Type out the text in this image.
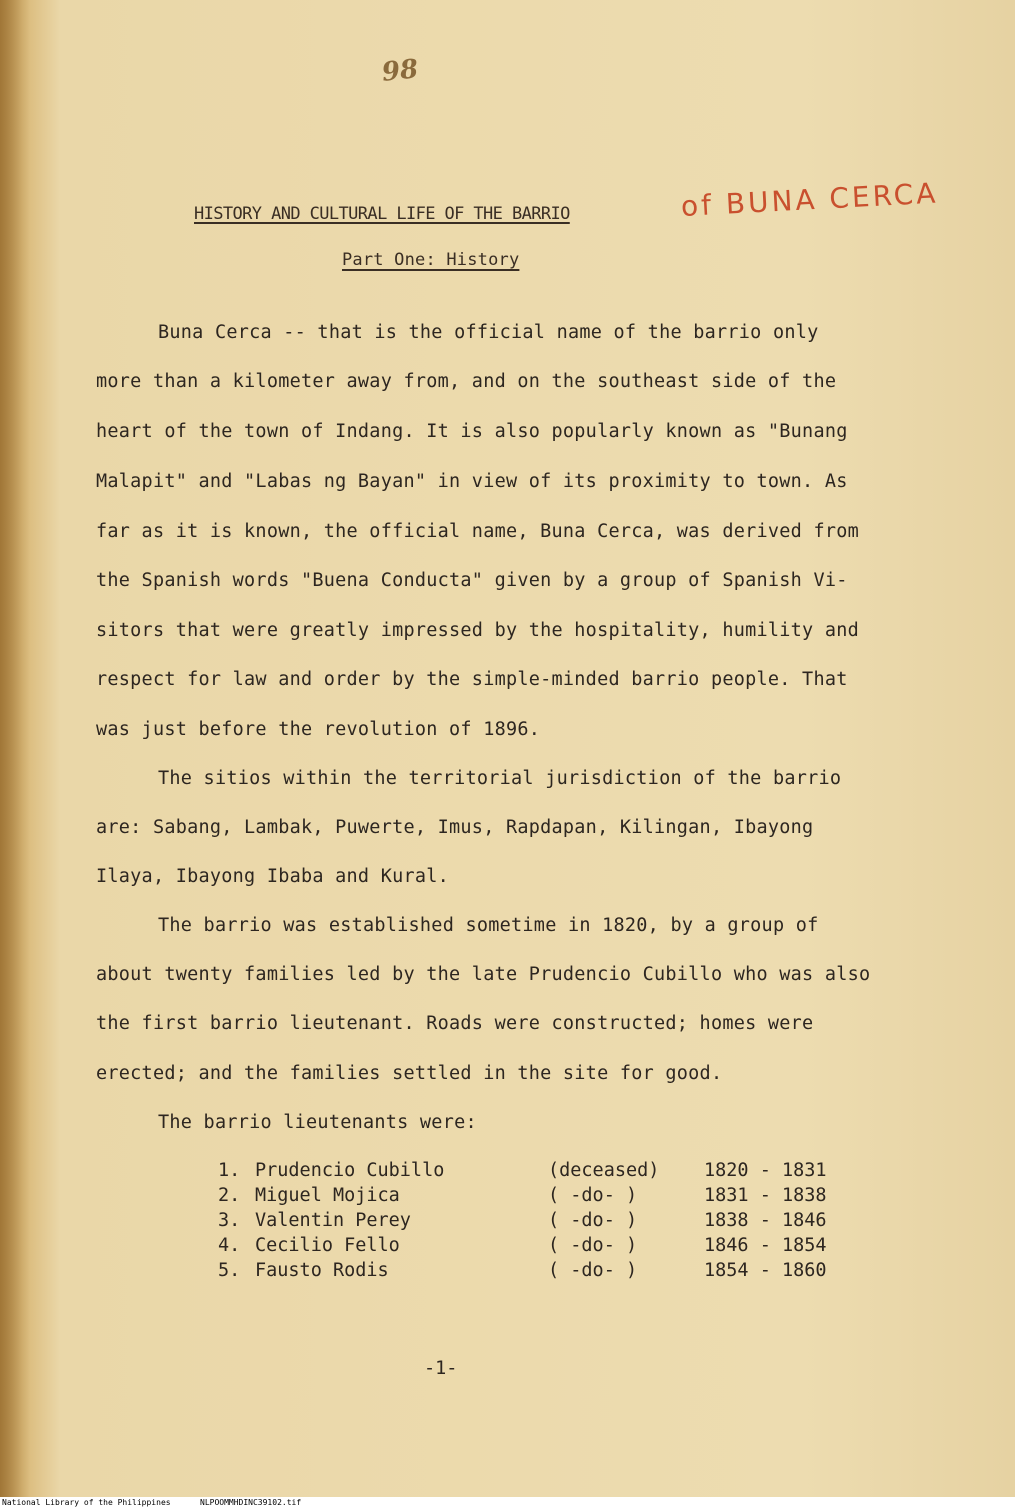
98
HISTORY AND CULTURAL LIFE OF THE BARRIO	of BUNA CERCA
Part One: History
Buna Cerca -- that is the official name of the barrio only
more than a kilometer away from, and on the southeast side of the
heart of the town of Indang. It is also popularly known as "Bunang
Malapit" and "Labas ng Bayan" in view of its proximity to town. As
far as it is known, the official name, Buna Cerca, was derived from
the Spanish words "Buena Conducta" given by a group of Spanish Vi-
sitors that were greatly impressed by the hospitality, humility and
respect for law and order by the simple-minded barrio people. That
was just before the revolution of 1896.
The sitios within the territorial jurisdiction of the barrio
are: Sabang, Lambak, Puwerte, Imus, Rapdapan, Kilingan, Ibayong
Ilaya, Ibayong Ibaba and Kural.
The barrio was established sometime in 1820, by a group of
about twenty families led by the late Prudencio Cubillo who was also
the first barrio lieutenant. Roads were constructed; homes were
erected; and the families settled in the site for good.
The barrio lieutenants were:
1. Prudencio Cubillo	(deceased) 1820 - 1831
2. Miguel Mojica	( -do- )	1831 - 1838
3. Valentin Perey	( -do- )	1838 - 1846
4. Cecilio Fello	( -do- )	1846 - 1854
5. Fausto Rodis	( -do- )	1854 - 1860
-1-
National Library of the Philippines	NLPOOMMHDINC39102.tif
